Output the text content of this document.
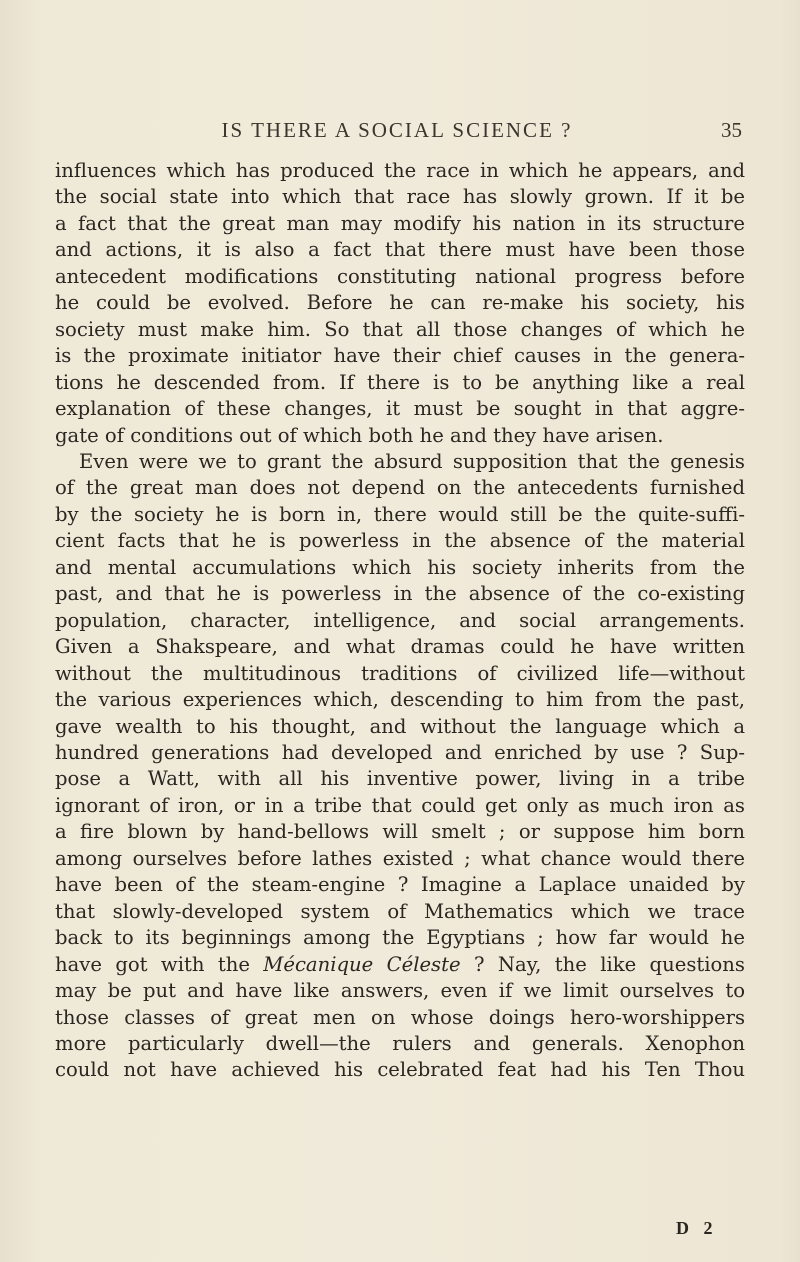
IS THERE A SOCIAL SCIENCE ?	35
influences which has produced the race in which he appears, and
the social state into which that race has slowly grown. If it be
a fact that the great man may modify his nation in its structure
and actions, it is also a fact that there must have been those
antecedent modifications constituting national progress before
he could be evolved. Before he can re-make his society, his
society must make him. So that all those changes of which he
is the proximate initiator have their chief causes in the genera-
tions he descended from. If there is to be anything like a real
explanation of these changes, it must be sought in that aggre-
gate of conditions out of which both he and they have arisen.
Even were we to grant the absurd supposition that the genesis
of the great man does not depend on the antecedents furnished
by the society he is born in, there would still be the quite-suffi-
cient facts that he is powerless in the absence of the material
and mental accumulations which his society inherits from the
past, and that he is powerless in the absence of the co-existing
population, character, intelligence, and social arrangements.
Given a Shakspeare, and what dramas could he have written
without the multitudinous traditions of civilized life—without
the various experiences which, descending to him from the past,
gave wealth to his thought, and without the language which a
hundred generations had developed and enriched by use ? Sup-
pose a Watt, with all his inventive power, living in a tribe
ignorant of iron, or in a tribe that could get only as much iron as
a fire blown by hand-bellows will smelt ; or suppose him born
among ourselves before lathes existed ; what chance would there
have been of the steam-engine ? Imagine a Laplace unaided by
that slowly-developed system of Mathematics which we trace
back to its beginnings among the Egyptians ; how far would he
have got with the Mécanique Céleste ? Nay, the like questions
may be put and have like answers, even if we limit ourselves to
those classes of great men on whose doings hero-worshippers
more particularly dwell—the rulers and generals. Xenophon
could not have achieved his celebrated feat had his Ten Thou
D 2
